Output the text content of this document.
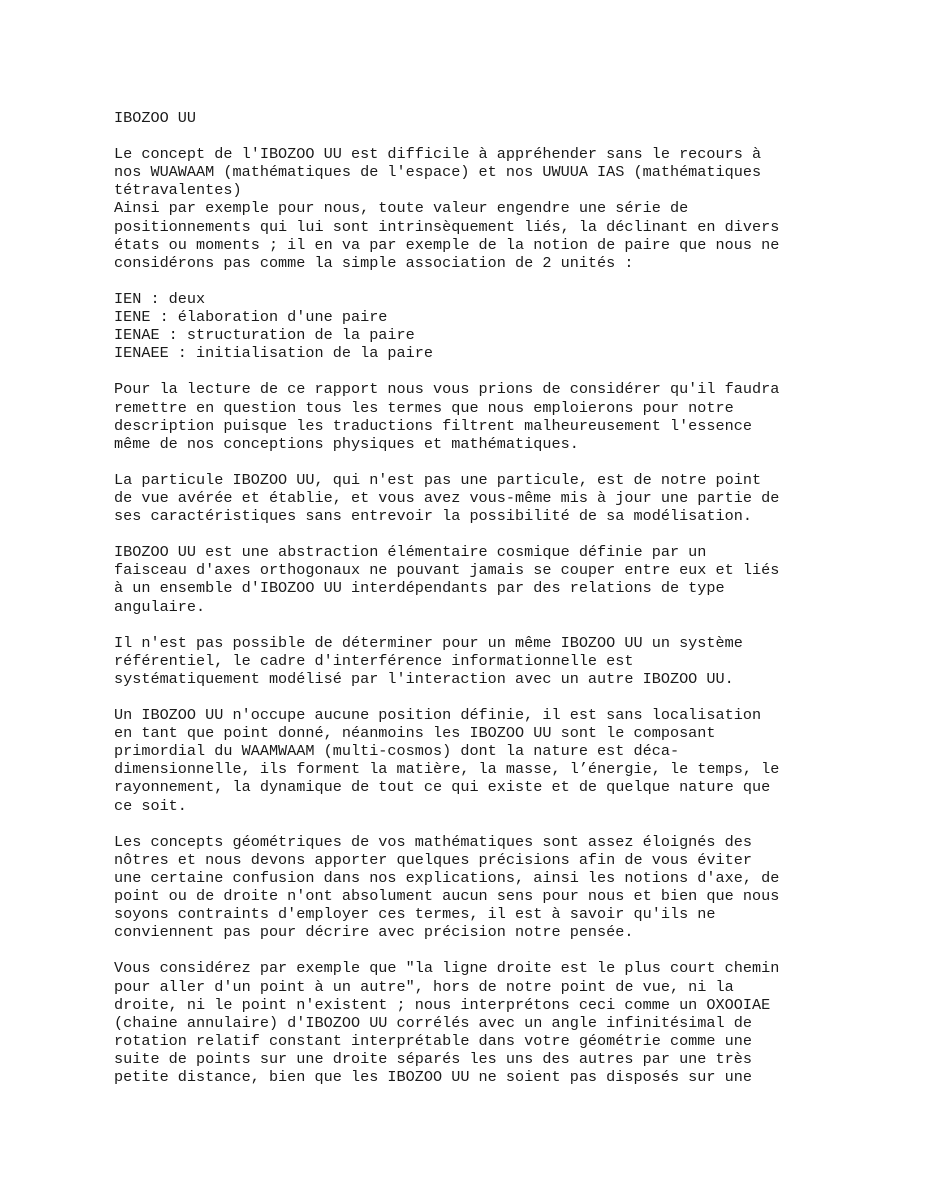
IBOZOO UU
Le concept de l'IBOZOO UU est difficile à appréhender sans le recours à
nos WUAWAAM (mathématiques de l'espace) et nos UWUUA IAS (mathématiques
tétravalentes)
Ainsi par exemple pour nous, toute valeur engendre une série de
positionnements qui lui sont intrinsèquement liés, la déclinant en divers
états ou moments ; il en va par exemple de la notion de paire que nous ne
considérons pas comme la simple association de 2 unités :
IEN : deux
IENE : élaboration d'une paire
IENAE : structuration de la paire
IENAEE : initialisation de la paire
Pour la lecture de ce rapport nous vous prions de considérer qu'il faudra
remettre en question tous les termes que nous emploierons pour notre
description puisque les traductions filtrent malheureusement l'essence
même de nos conceptions physiques et mathématiques.
La particule IBOZOO UU, qui n'est pas une particule, est de notre point
de vue avérée et établie, et vous avez vous-même mis à jour une partie de
ses caractéristiques sans entrevoir la possibilité de sa modélisation.
IBOZOO UU est une abstraction élémentaire cosmique définie par un
faisceau d'axes orthogonaux ne pouvant jamais se couper entre eux et liés
à un ensemble d'IBOZOO UU interdépendants par des relations de type
angulaire.
Il n'est pas possible de déterminer pour un même IBOZOO UU un système
référentiel, le cadre d'interférence informationnelle est
systématiquement modélisé par l'interaction avec un autre IBOZOO UU.
Un IBOZOO UU n'occupe aucune position définie, il est sans localisation
en tant que point donné, néanmoins les IBOZOO UU sont le composant
primordial du WAAMWAAM (multi-cosmos) dont la nature est déca-
dimensionnelle, ils forment la matière, la masse, l’énergie, le temps, le
rayonnement, la dynamique de tout ce qui existe et de quelque nature que
ce soit.
Les concepts géométriques de vos mathématiques sont assez éloignés des
nôtres et nous devons apporter quelques précisions afin de vous éviter
une certaine confusion dans nos explications, ainsi les notions d'axe, de
point ou de droite n'ont absolument aucun sens pour nous et bien que nous
soyons contraints d'employer ces termes, il est à savoir qu'ils ne
conviennent pas pour décrire avec précision notre pensée.
Vous considérez par exemple que "la ligne droite est le plus court chemin
pour aller d'un point à un autre", hors de notre point de vue, ni la
droite, ni le point n'existent ; nous interprétons ceci comme un OXOOIAE
(chaine annulaire) d'IBOZOO UU corrélés avec un angle infinitésimal de
rotation relatif constant interprétable dans votre géométrie comme une
suite de points sur une droite séparés les uns des autres par une très
petite distance, bien que les IBOZOO UU ne soient pas disposés sur une
